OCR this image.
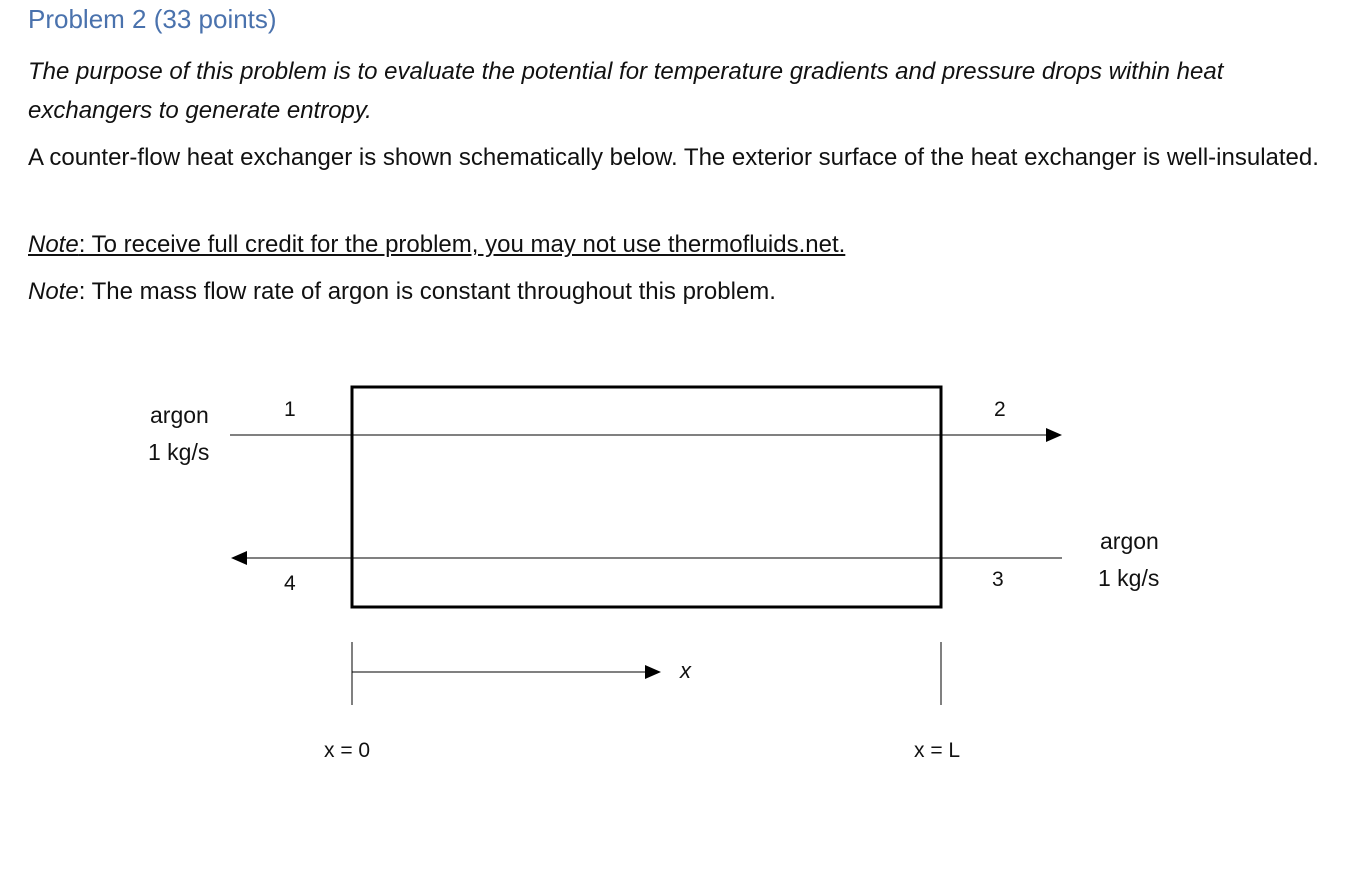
Problem 2 (33 points)

The purpose of this problem is to evaluate the potential for temperature gradients and pressure drops within heat exchangers to generate entropy.

A counter-flow heat exchanger is shown schematically below. The exterior surface of the heat exchanger is well-insulated.

Note: To receive full credit for the problem, you may not use thermofluids.net.

Note: The mass flow rate of argon is constant throughout this problem.

argon
1 kg/s
argon
1 kg/s
1	2
3
4
x
x = 0	x = L
